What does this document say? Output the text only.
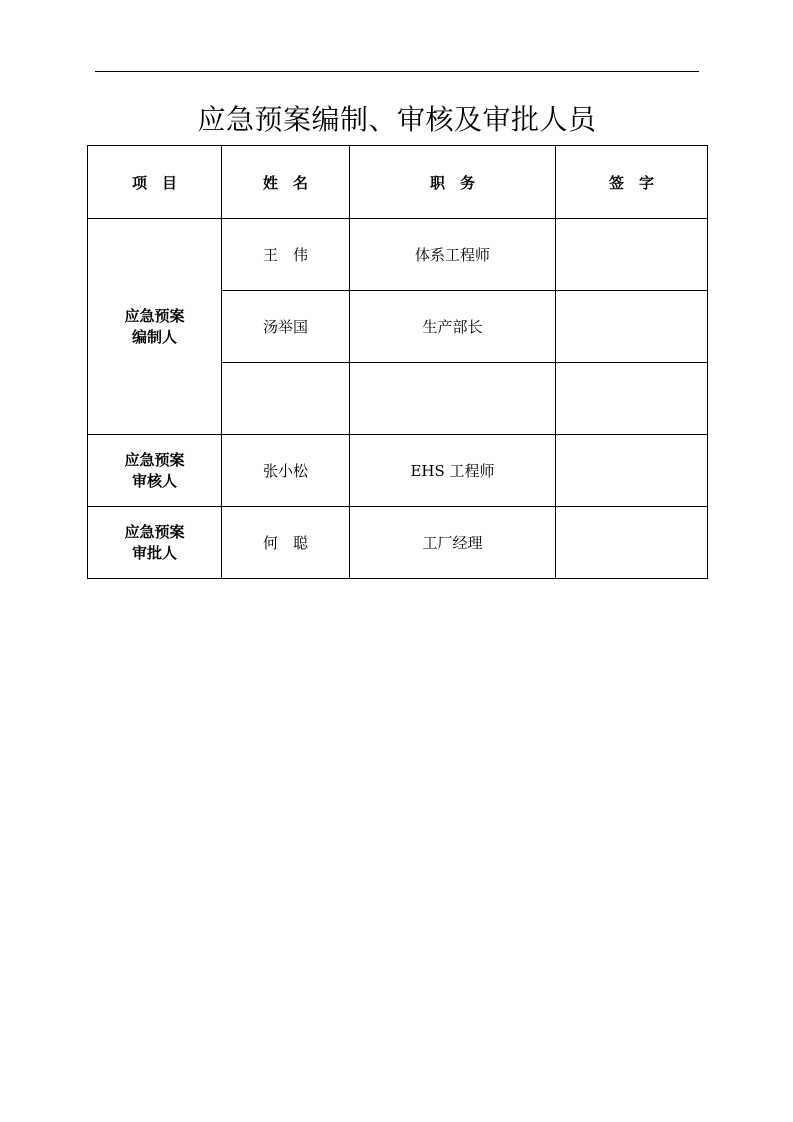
应急预案编制、审核及审批人员
项　目	姓　名	职　务	签　字

应急预案
编制人	王　伟	体系工程师	
	汤举国	生产部长	

应急预案
审核人	张小松	EHS 工程师	

应急预案
审批人	何　聪	工厂经理	
